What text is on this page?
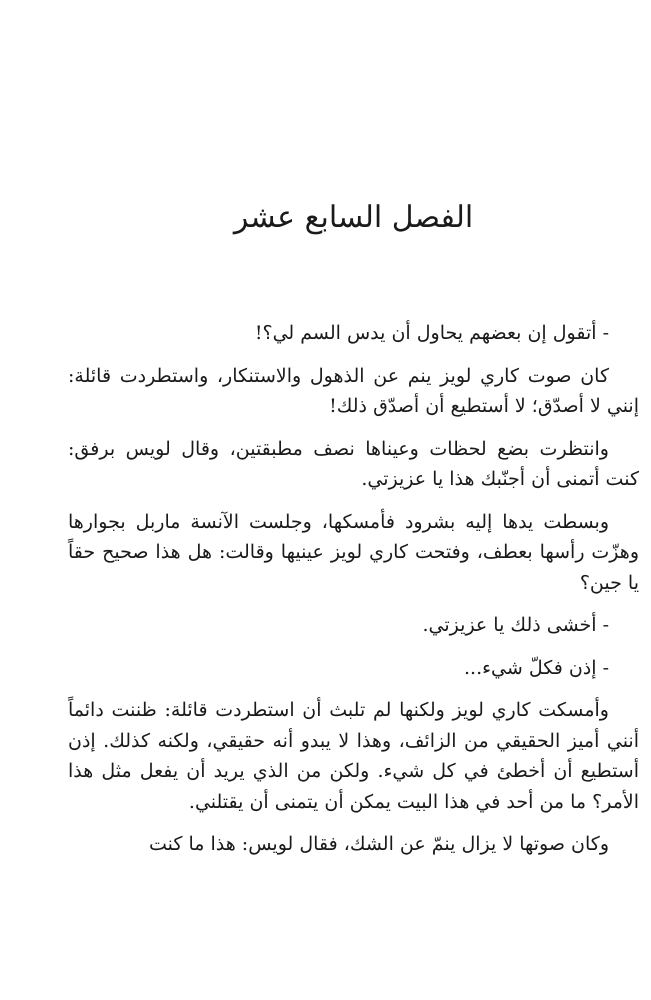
الفصل السابع عشر

- أتقول إن بعضهم يحاول أن يدس السم لي؟!

كان صوت كاري لويز ينم عن الذهول والاستنكار، واستطردت قائلة: إنني لا أصدّق؛ لا أستطيع أن أصدّق ذلك!

وانتظرت بضع لحظات وعيناها نصف مطبقتين، وقال لويس برفق: كنت أتمنى أن أجنّبك هذا يا عزيزتي.

وبسطت يدها إليه بشرود فأمسكها، وجلست الآنسة ماربل بجوارها وهزّت رأسها بعطف، وفتحت كاري لويز عينيها وقالت: هل هذا صحيح حقاً يا جين؟

- أخشى ذلك يا عزيزتي.

- إذن فكلّ شيء...

وأمسكت كاري لويز ولكنها لم تلبث أن استطردت قائلة: ظننت دائماً أنني أميز الحقيقي من الزائف، وهذا لا يبدو أنه حقيقي، ولكنه كذلك. إذن أستطيع أن أخطئ في كل شيء. ولكن من الذي يريد أن يفعل مثل هذا الأمر؟ ما من أحد في هذا البيت يمكن أن يتمنى أن يقتلني.

وكان صوتها لا يزال ينمّ عن الشك، فقال لويس: هذا ما كنت
